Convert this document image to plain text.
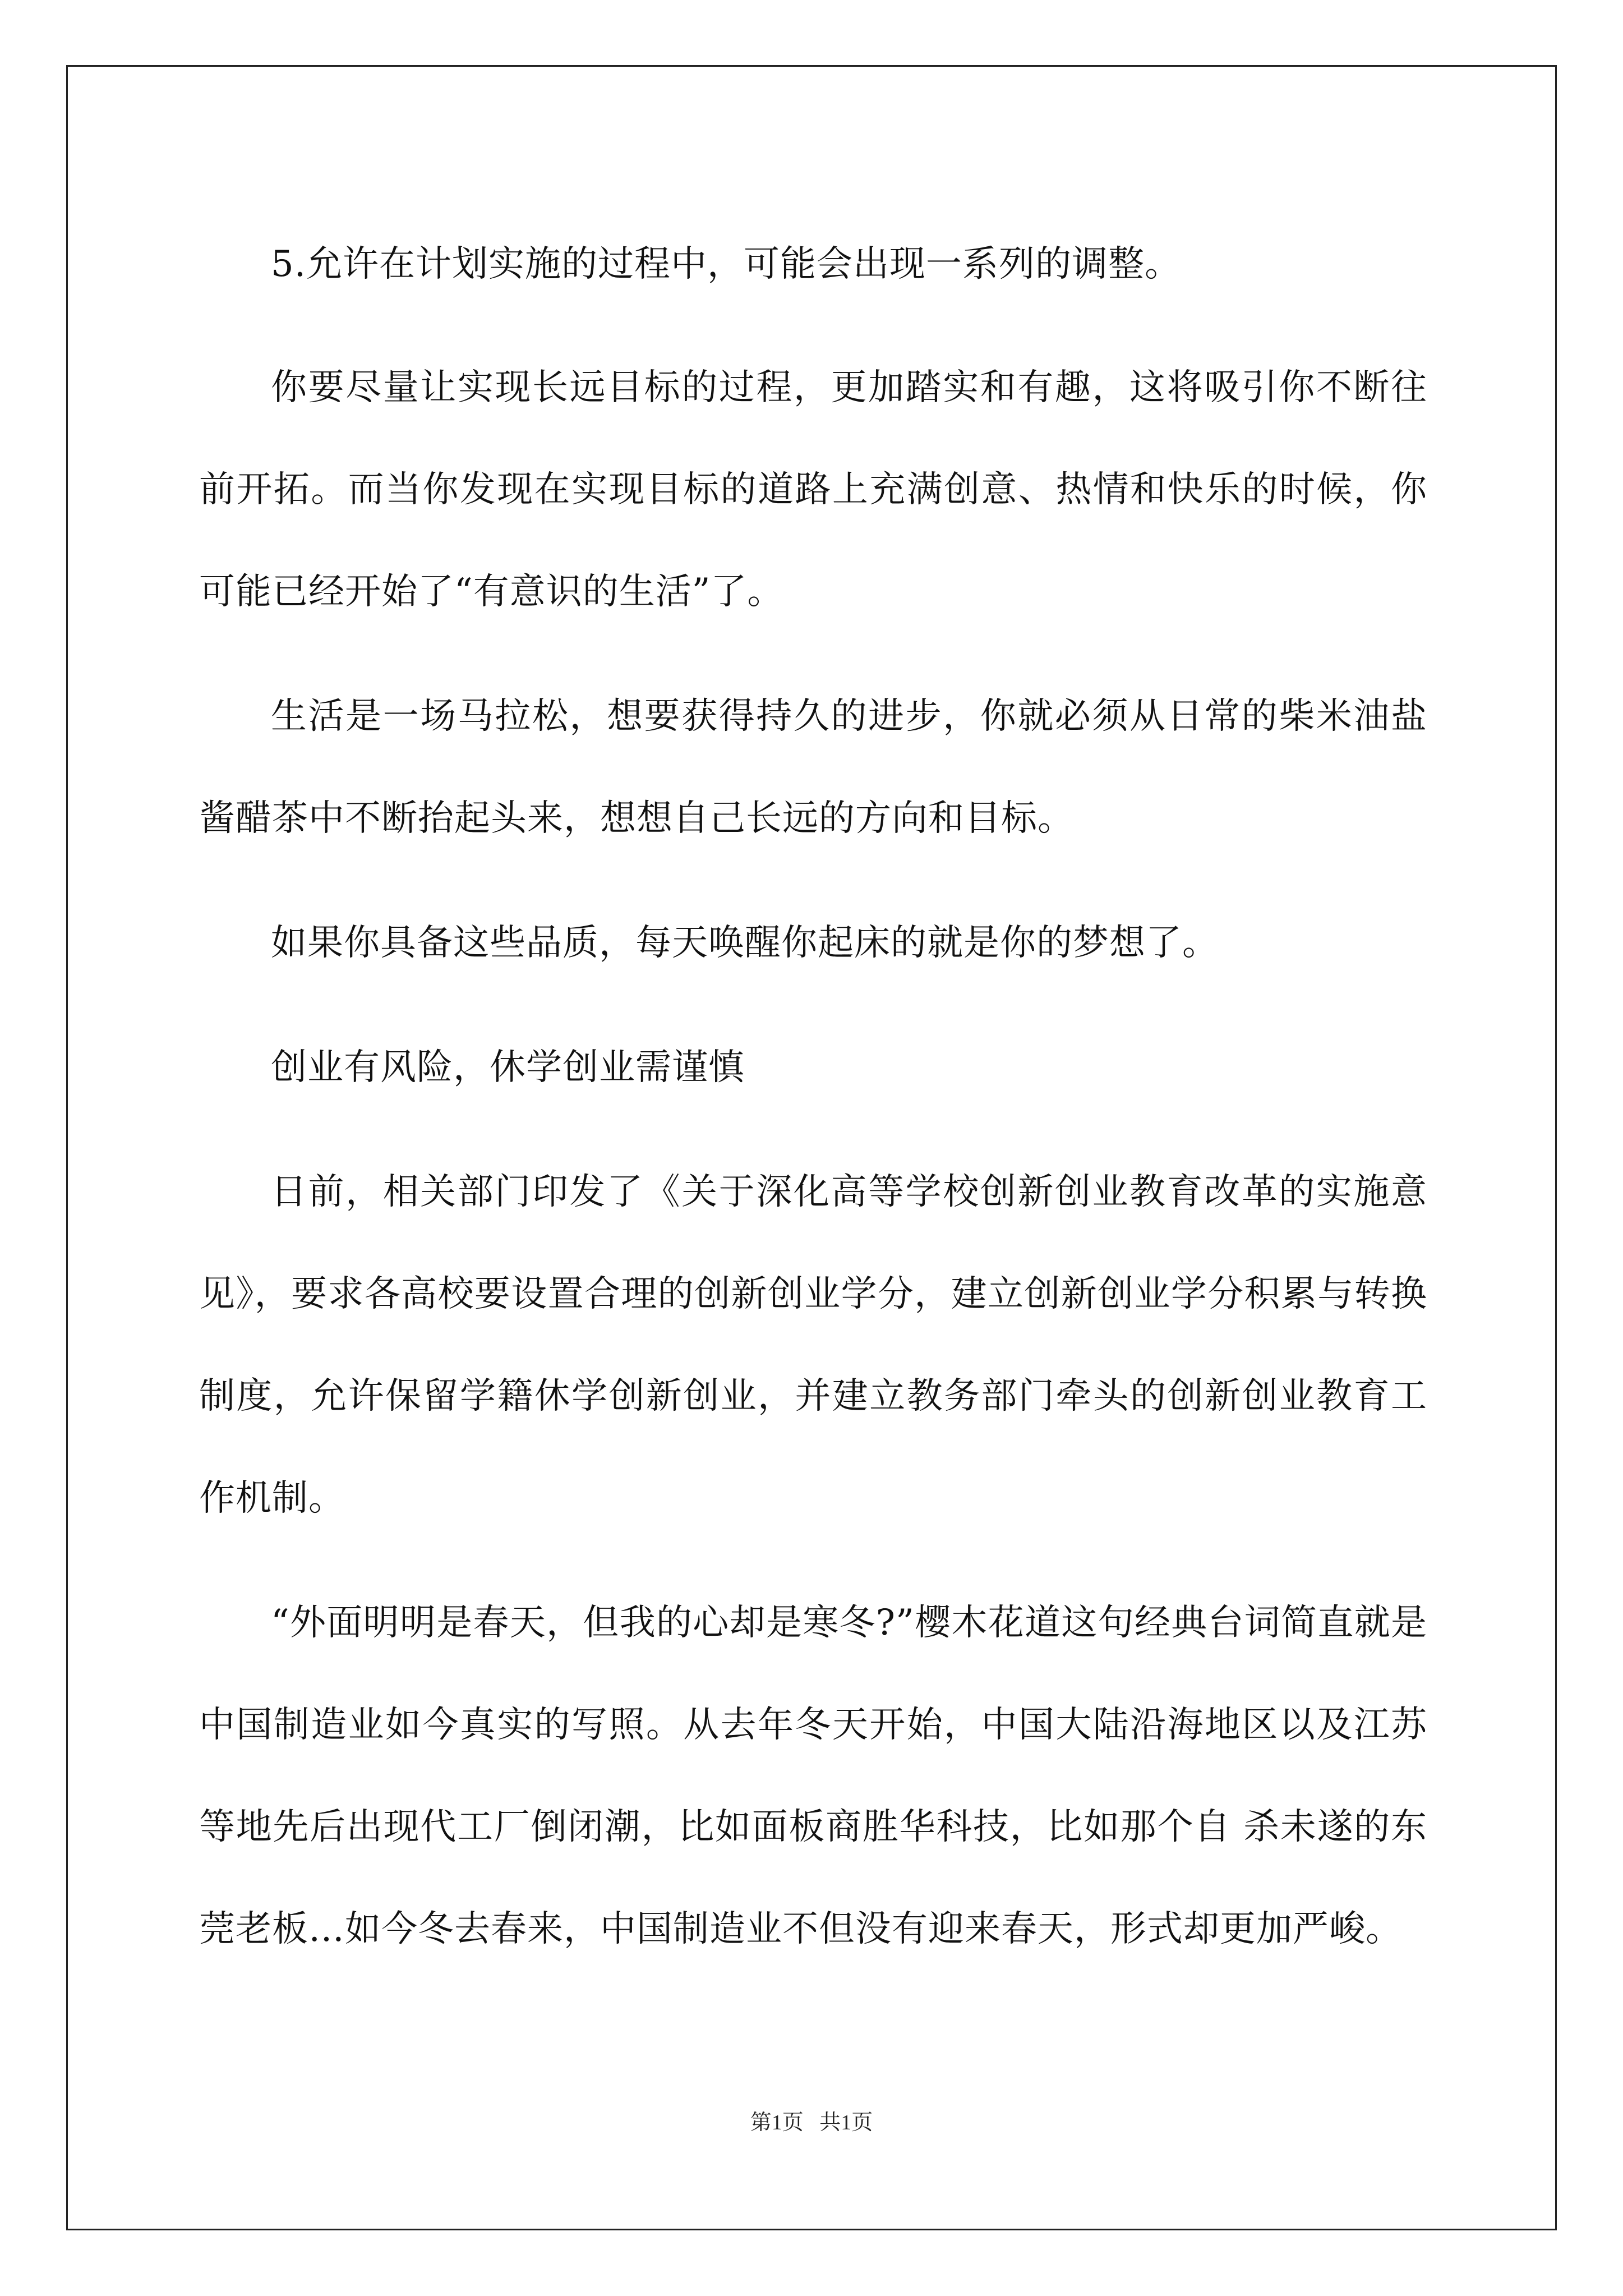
5.允许在计划实施的过程中，可能会出现一系列的调整。

你要尽量让实现长远目标的过程，更加踏实和有趣，这将吸引你不断往前开拓。而当你发现在实现目标的道路上充满创意、热情和快乐的时候，你可能已经开始了“有意识的生活”了。

生活是一场马拉松，想要获得持久的进步，你就必须从日常的柴米油盐酱醋茶中不断抬起头来，想想自己长远的方向和目标。

如果你具备这些品质，每天唤醒你起床的就是你的梦想了。

创业有风险，休学创业需谨慎

日前，相关部门印发了《关于深化高等学校创新创业教育改革的实施意见》，要求各高校要设置合理的创新创业学分，建立创新创业学分积累与转换制度，允许保留学籍休学创新创业，并建立教务部门牵头的创新创业教育工作机制。

“外面明明是春天，但我的心却是寒冬?”樱木花道这句经典台词简直就是中国制造业如今真实的写照。从去年冬天开始，中国大陆沿海地区以及江苏等地先后出现代工厂倒闭潮，比如面板商胜华科技，比如那个自 杀未遂的东莞老板…如今冬去春来，中国制造业不但没有迎来春天，形式却更加严峻。

第1页   共1页
